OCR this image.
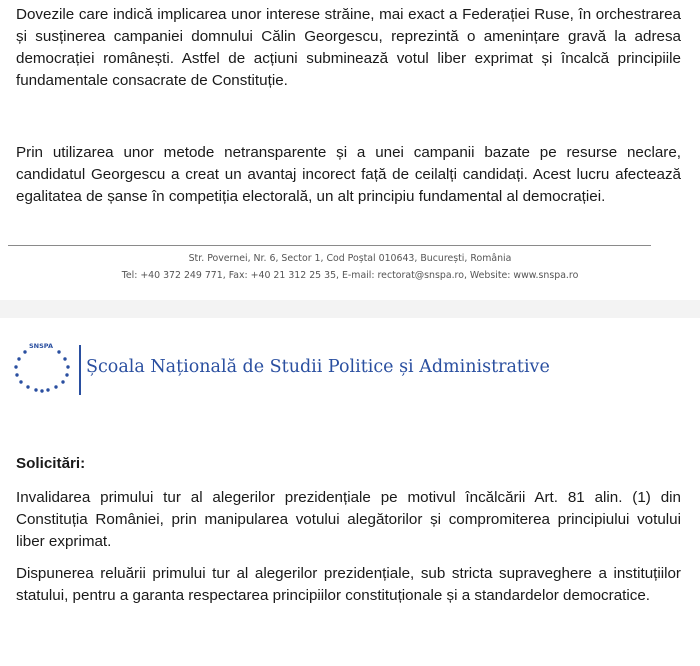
Dovezile care indică implicarea unor interese străine, mai exact a Federației Ruse, în orchestrarea și susținerea campaniei domnului Călin Georgescu, reprezintă o amenințare gravă la adresa democrației românești. Astfel de acțiuni subminează votul liber exprimat și încalcă principiile fundamentale consacrate de Constituție.

Prin utilizarea unor metode netransparente și a unei campanii bazate pe resurse neclare, candidatul Georgescu a creat un avantaj incorect față de ceilalți candidați. Acest lucru afectează egalitatea de șanse în competiția electorală, un alt principiu fundamental al democrației.

Str. Povernei, Nr. 6, Sector 1, Cod Poștal 010643, București, România

Tel: +40 372 249 771, Fax: +40 21 312 25 35, E-mail: rectorat@snspa.ro, Website: www.snspa.ro

SNSPA

Școala Națională de Studii Politice și Administrative

Solicitări:

Invalidarea primului tur al alegerilor prezidențiale pe motivul încălcării Art. 81 alin. (1) din Constituția României, prin manipularea votului alegătorilor și compromiterea principiului votului liber exprimat.

Dispunerea reluării primului tur al alegerilor prezidențiale, sub stricta supraveghere a instituțiilor statului, pentru a garanta respectarea principiilor constituționale și a standardelor democratice.
